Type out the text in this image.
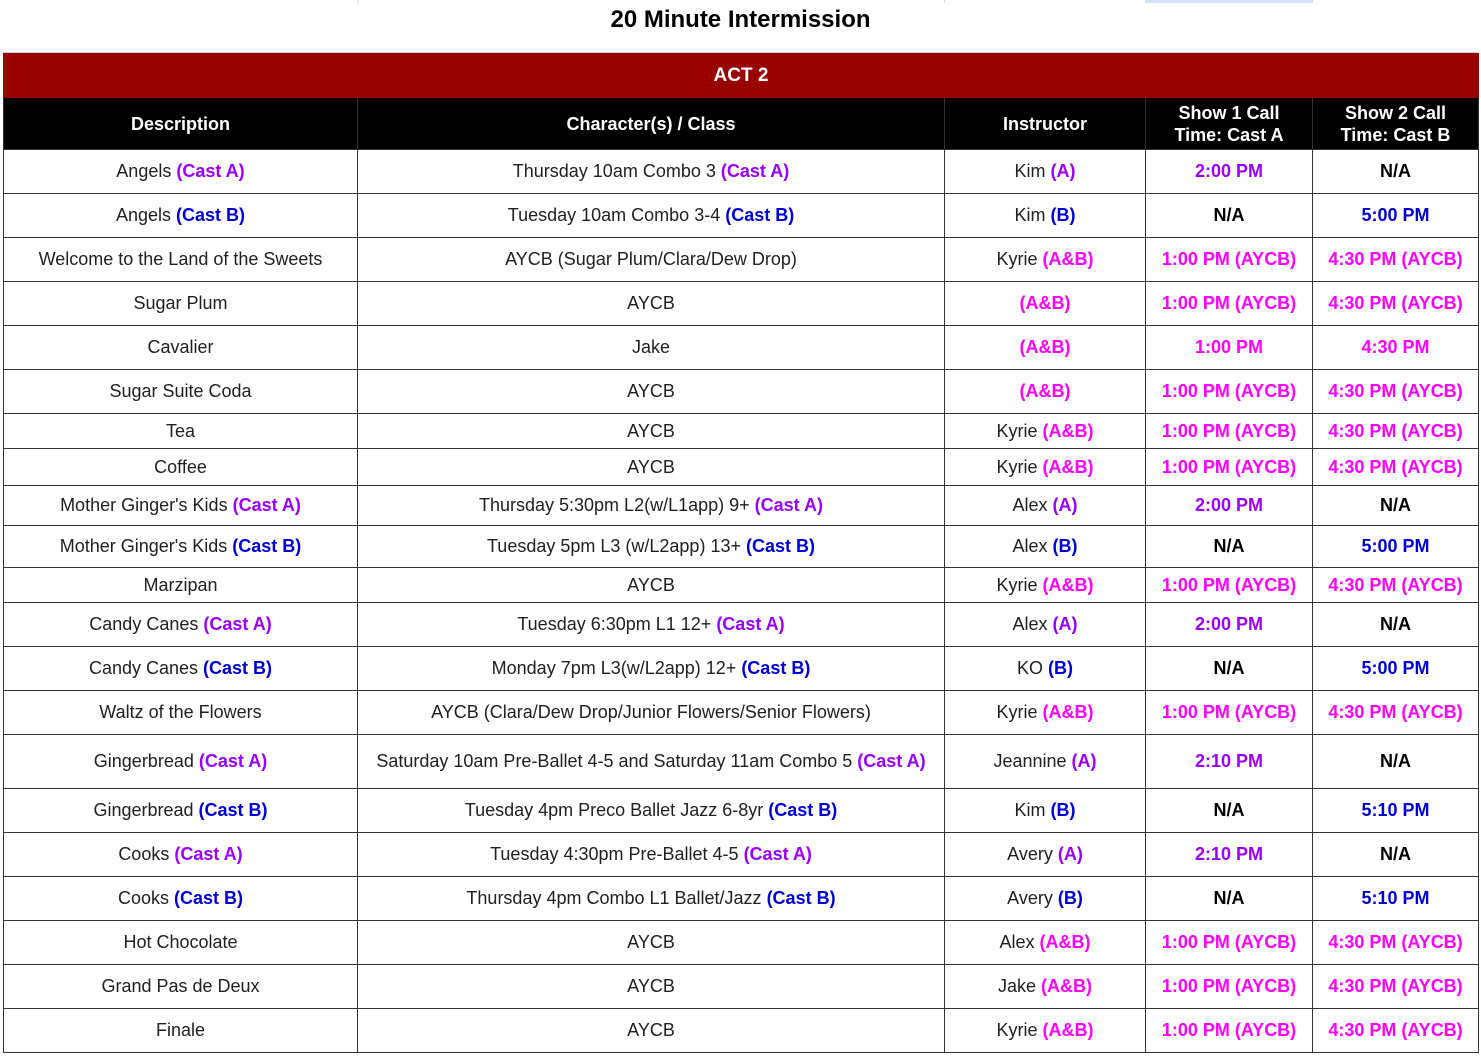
20 Minute Intermission
ACT 2				
Description	Character(s) / Class	Instructor	Show 1 Call Time: Cast A	Show 2 Call Time: Cast B
Angels (Cast A)	Thursday 10am Combo 3 (Cast A)	Kim (A)	2:00 PM	N/A
Angels (Cast B)	Tuesday 10am Combo 3-4 (Cast B)	Kim (B)	N/A	5:00 PM
Welcome to the Land of the Sweets	AYCB (Sugar Plum/Clara/Dew Drop)	Kyrie (A&B)	1:00 PM (AYCB)	4:30 PM (AYCB)
Sugar Plum	AYCB	(A&B)	1:00 PM (AYCB)	4:30 PM (AYCB)
Cavalier	Jake	(A&B)	1:00 PM	4:30 PM
Sugar Suite Coda	AYCB	(A&B)	1:00 PM (AYCB)	4:30 PM (AYCB)
Tea	AYCB	Kyrie (A&B)	1:00 PM (AYCB)	4:30 PM (AYCB)
Coffee	AYCB	Kyrie (A&B)	1:00 PM (AYCB)	4:30 PM (AYCB)
Mother Ginger's Kids (Cast A)	Thursday 5:30pm L2(w/L1app) 9+ (Cast A)	Alex (A)	2:00 PM	N/A
Mother Ginger's Kids (Cast B)	Tuesday 5pm L3 (w/L2app) 13+ (Cast B)	Alex (B)	N/A	5:00 PM
Marzipan	AYCB	Kyrie (A&B)	1:00 PM (AYCB)	4:30 PM (AYCB)
Candy Canes (Cast A)	Tuesday 6:30pm L1 12+ (Cast A)	Alex (A)	2:00 PM	N/A
Candy Canes (Cast B)	Monday 7pm L3(w/L2app) 12+ (Cast B)	KO (B)	N/A	5:00 PM
Waltz of the Flowers	AYCB (Clara/Dew Drop/Junior Flowers/Senior Flowers)	Kyrie (A&B)	1:00 PM (AYCB)	4:30 PM (AYCB)
Gingerbread (Cast A)	Saturday 10am Pre-Ballet 4-5 and Saturday 11am Combo 5 (Cast A)	Jeannine (A)	2:10 PM	N/A
Gingerbread (Cast B)	Tuesday 4pm Preco Ballet Jazz 6-8yr (Cast B)	Kim (B)	N/A	5:10 PM
Cooks (Cast A)	Tuesday 4:30pm Pre-Ballet 4-5 (Cast A)	Avery (A)	2:10 PM	N/A
Cooks (Cast B)	Thursday 4pm Combo L1 Ballet/Jazz (Cast B)	Avery (B)	N/A	5:10 PM
Hot Chocolate	AYCB	Alex (A&B)	1:00 PM (AYCB)	4:30 PM (AYCB)
Grand Pas de Deux	AYCB	Jake (A&B)	1:00 PM (AYCB)	4:30 PM (AYCB)
Finale	AYCB	Kyrie (A&B)	1:00 PM (AYCB)	4:30 PM (AYCB)
